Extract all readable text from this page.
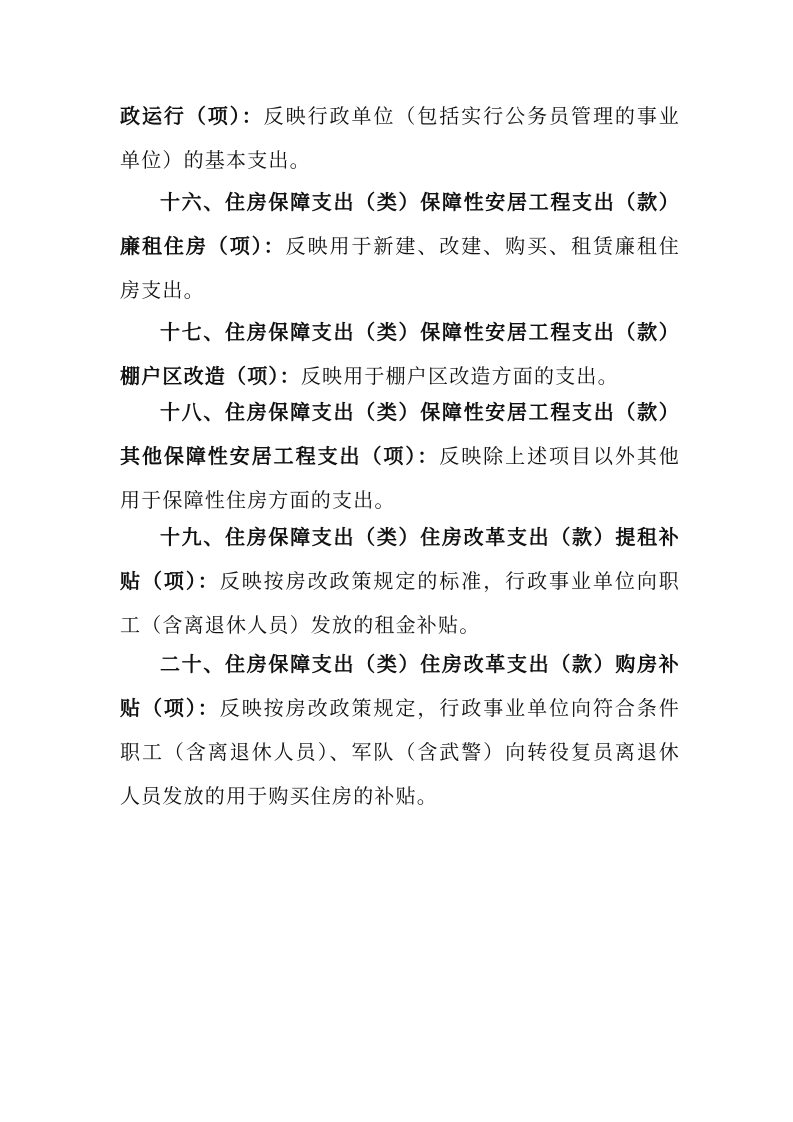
政运行（项）：反映行政单位（包括实行公务员管理的事业单位）的基本支出。

十六、住房保障支出（类）保障性安居工程支出（款）廉租住房（项）：反映用于新建、改建、购买、租赁廉租住房支出。

十七、住房保障支出（类）保障性安居工程支出（款）棚户区改造（项）：反映用于棚户区改造方面的支出。

十八、住房保障支出（类）保障性安居工程支出（款）其他保障性安居工程支出（项）：反映除上述项目以外其他用于保障性住房方面的支出。

十九、住房保障支出（类）住房改革支出（款）提租补贴（项）：反映按房改政策规定的标准，行政事业单位向职工（含离退休人员）发放的租金补贴。

二十、住房保障支出（类）住房改革支出（款）购房补贴（项）：反映按房改政策规定，行政事业单位向符合条件职工（含离退休人员）、军队（含武警）向转役复员离退休人员发放的用于购买住房的补贴。
